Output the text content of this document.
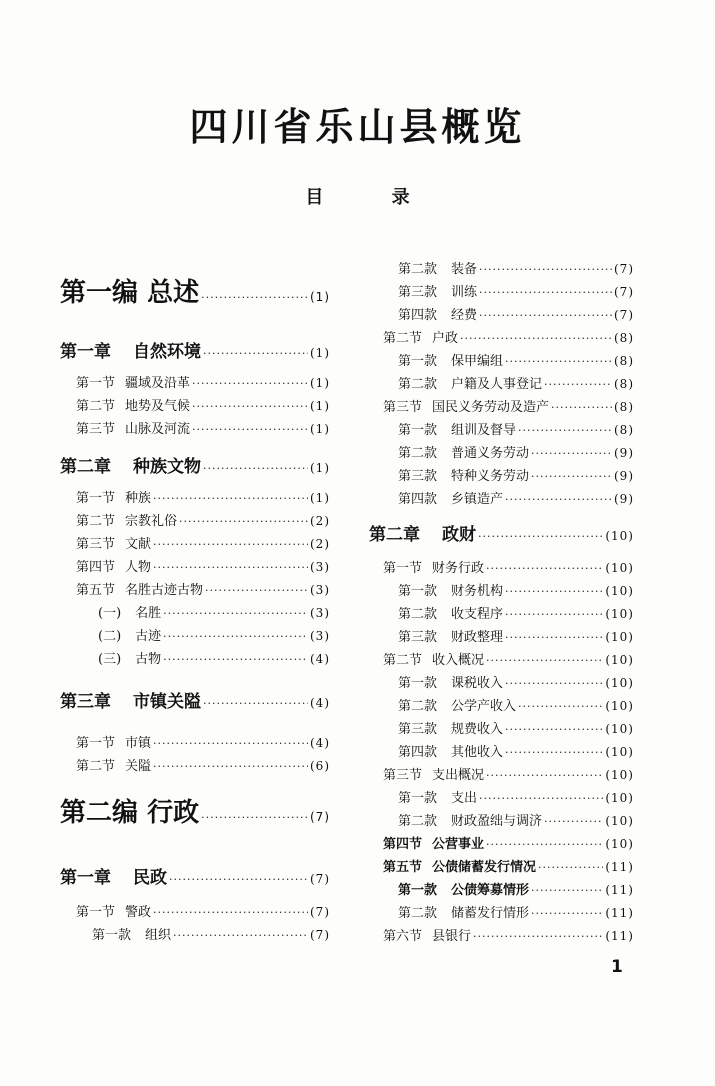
四川省乐山县概览
目 录
第一编 总述 ·····	(1)
第一章 自然环境 ·····	(1)
第一节 疆域及沿革 ·····	(1)
第二节 地势及气候 ·····	(1)
第三节 山脉及河流 ·····	(1)
第二章 种族文物 ·····	(1)
第一节 种族 ·····	(1)
第二节 宗教礼俗 ·····	(2)
第三节 文献 ·····	(2)
第四节 人物 ·····	(3)
第五节 名胜古迹古物 ·····	(3)
(一) 名胜 ·····	(3)
(二) 古迹 ·····	(3)
(三) 古物 ·····	(4)
第三章 市镇关隘 ·····	(4)
第一节 市镇 ·····	(4)
第二节 关隘 ·····	(6)
第二编 行政 ·····	(7)
第一章 民政 ·····	(7)
第一节 警政 ·····	(7)
第一款 组织 ·····	(7)
第二款 装备 ·····	(7)
第三款 训练 ·····	(7)
第四款 经费 ·····	(7)
第二节 户政 ·····	(8)
第一款 保甲编组 ·····	(8)
第二款 户籍及人事登记 ·····	(8)
第三节 国民义务劳动及造产 ·····	(8)
第一款 组训及督导 ·····	(8)
第二款 普通义务劳动 ·····	(9)
第三款 特种义务劳动 ·····	(9)
第四款 乡镇造产 ·····	(9)
第二章 政财 ·····	(10)
第一节 财务行政 ·····	(10)
第一款 财务机构 ·····	(10)
第二款 收支程序 ·····	(10)
第三款 财政整理 ·····	(10)
第二节 收入概况 ·····	(10)
第一款 课税收入 ·····	(10)
第二款 公学产收入 ·····	(10)
第三款 规费收入 ·····	(10)
第四款 其他收入 ·····	(10)
第三节 支出概况 ·····	(10)
第一款 支出 ·····	(10)
第二款 财政盈绌与调济 ·····	(10)
第四节 公营事业 ·····	(10)
第五节 公债储蓄发行情况 ·····	(11)
第一款 公债筹募情形 ·····	(11)
第二款 储蓄发行情形 ·····	(11)
第六节 县银行 ·····	(11)
1
